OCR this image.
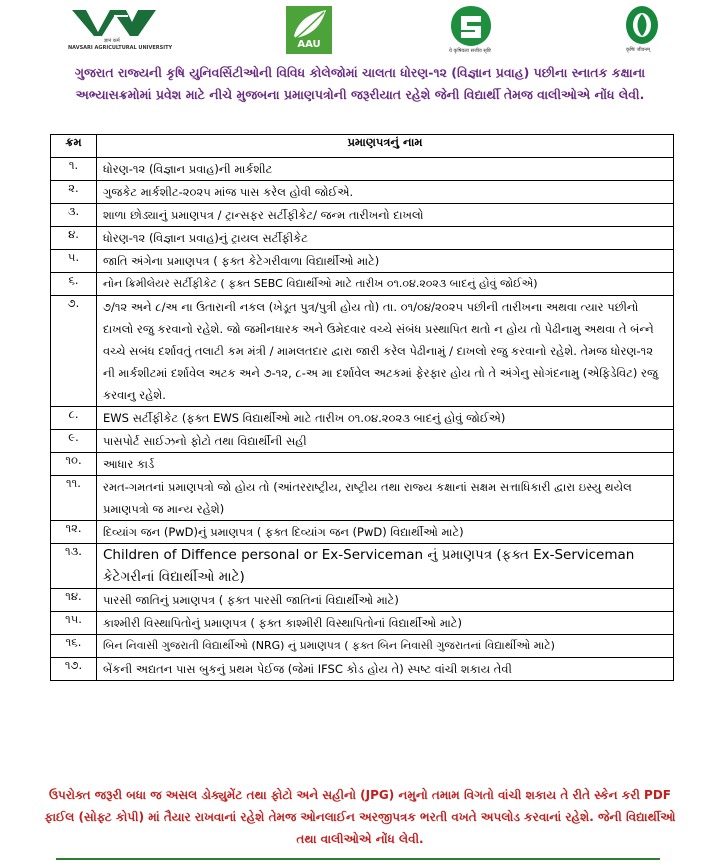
ज्ञानं कर्म
NAVSARI AGRICULTURAL UNIVERSITY	AAU
ये कृषिवला सजीव सृष्टि	कृषिः जीवनम्
ગુજરાત રાજ્યની કૃષિ યુનિવર્સિટીઓની વિવિધ કોલેજોમાં ચાલતા ધોરણ-૧૨ (વિજ્ઞાન પ્રવાહ) પછીના સ્નાતક કક્ષાના અભ્યાસક્રમોમાં પ્રવેશ માટે નીચે મુજબના પ્રમાણપત્રોની જરૂરીયાત રહેશે જેની વિદ્યાર્થી તેમજ વાલીઓએ નોંધ લેવી.
ક્રમ	પ્રમાણપત્રનું નામ
૧.	ધોરણ-૧૨ (વિજ્ઞાન પ્રવાહ)ની માર્કશીટ
૨.	ગુજકેટ માર્કશીટ-૨૦૨૫ માંજ પાસ કરેલ હોવી જોઈએ.
૩.	શાળા છોડ્યાનું પ્રમાણપત્ર / ટ્રાન્સફર સર્ટીફીકેટ/ જન્મ તારીખનો દાખલો
૪.	ધોરણ-૧૨ (વિજ્ઞાન પ્રવાહ)નું ટ્રાયલ સર્ટીફીકેટ
૫.	જાતિ અંગેના પ્રમાણપત્ર ( ફક્ત કેટેગરીવાળા વિદ્યાર્થીઓ માટે)
૬.	નોન ક્રિમીલેયર સર્ટીફીકેટ ( ફક્ત SEBC વિદ્યાર્થીઓ માટે તારીખ ૦૧.૦૪.૨૦૨૩ બાદનું હોવું જોઈએ)
૭.	૭/૧૨ અને ૮/અ ના ઉતારાની નકલ (ખેડૂત પુત્ર/પુત્રી હોય તો) તા. ૦૧/૦૪/૨૦૨૫ પછીની તારીખના અથવા ત્યાર પછીનો દાખલો રજુ કરવાનો રહેશે. જો જમીનધારક અને ઉમેદવાર વચ્ચે સંબંધ પ્રસ્થાપિત થતો ન હોય તો પેઢીનામુ અથવા તે બંન્ને વચ્ચે સબંધ દર્શાવતું તલાટી કમ મંત્રી / મામલતદાર દ્વારા જારી કરેલ પેઢીનામું / દાખલો રજુ કરવાનો રહેશે. તેમજ ધોરણ-૧૨ ની માર્કશીટમાં દર્શાવેલ અટક અને ૭-૧૨, ૮-અ મા દર્શાવેલ અટકમાં ફેરફાર હોય તો તે અંગેનુ સોગંદનામુ (એફિડેવિટ) રજુ કરવાનુ રહેશે.
૮.	EWS સર્ટીફીકેટ (ફક્ત EWS વિદ્યાર્થીઓ માટે તારીખ ૦૧.૦૪.૨૦૨૩ બાદનું હોવું જોઈએ)
૯.	પાસપોર્ટ સાઈઝનો ફોટો તથા વિદ્યાર્થીની સહી
૧૦.	આધાર કાર્ડ
૧૧.	રમત-ગમતનાં પ્રમાણપત્રો જો હોય તો (આંતરરાષ્ટ્રીય, રાષ્ટ્રીય તથા રાજ્ય કક્ષાનાં સક્ષમ સત્તાધિકારી દ્વારા ઇસ્યુ થયેલ પ્રમાણપત્રો જ માન્ય રહેશે)
૧૨.	દિવ્યાંગ જન (PwD)નું પ્રમાણપત્ર ( ફક્ત દિવ્યાંગ જન (PwD) વિદ્યાર્થીઓ માટે)
૧૩.	Children of Diffence personal or Ex-Serviceman નું પ્રમાણપત્ર (ફક્ત Ex-Serviceman કેટેગરીનાં વિદ્યાર્થીઓ માટે)
૧૪.	પારસી જાતિનું પ્રમાણપત્ર ( ફક્ત પારસી જાતિનાં વિદ્યાર્થીઓ માટે)
૧૫.	કાશ્મીરી વિસ્થાપિતોનું પ્રમાણપત્ર ( ફક્ત કાશ્મીરી વિસ્થાપિતોનાં વિદ્યાર્થીઓ માટે)
૧૬.	બિન નિવાસી ગુજરાતી વિદ્યાર્થીઓ (NRG) નું પ્રમાણપત્ર ( ફક્ત બિન નિવાસી ગુજરાતનાં વિદ્યાર્થીઓ માટે)
૧૭.	બેંકની અદ્યતન પાસ બુકનું પ્રથમ પેઈજ (જેમાં IFSC કોડ હોય તે) સ્પષ્ટ વાંચી શકાય તેવી
ઉપરોક્ત જરૂરી બધા જ અસલ ડોક્યુમેંટ તથા ફોટો અને સહીનો (JPG) નમુનો તમામ વિગતો વાંચી શકાય તે રીતે સ્કેન કરી PDF ફાઈલ (સોફ્ટ કોપી) માં તૈયાર રાખવાનાં રહેશે તેમજ ઓનલાઈન અરજીપત્રક ભરતી વખતે અપલોડ કરવાનાં રહેશે. જેની વિદ્યાર્થીઓ તથા વાલીઓએ નોંધ લેવી.
